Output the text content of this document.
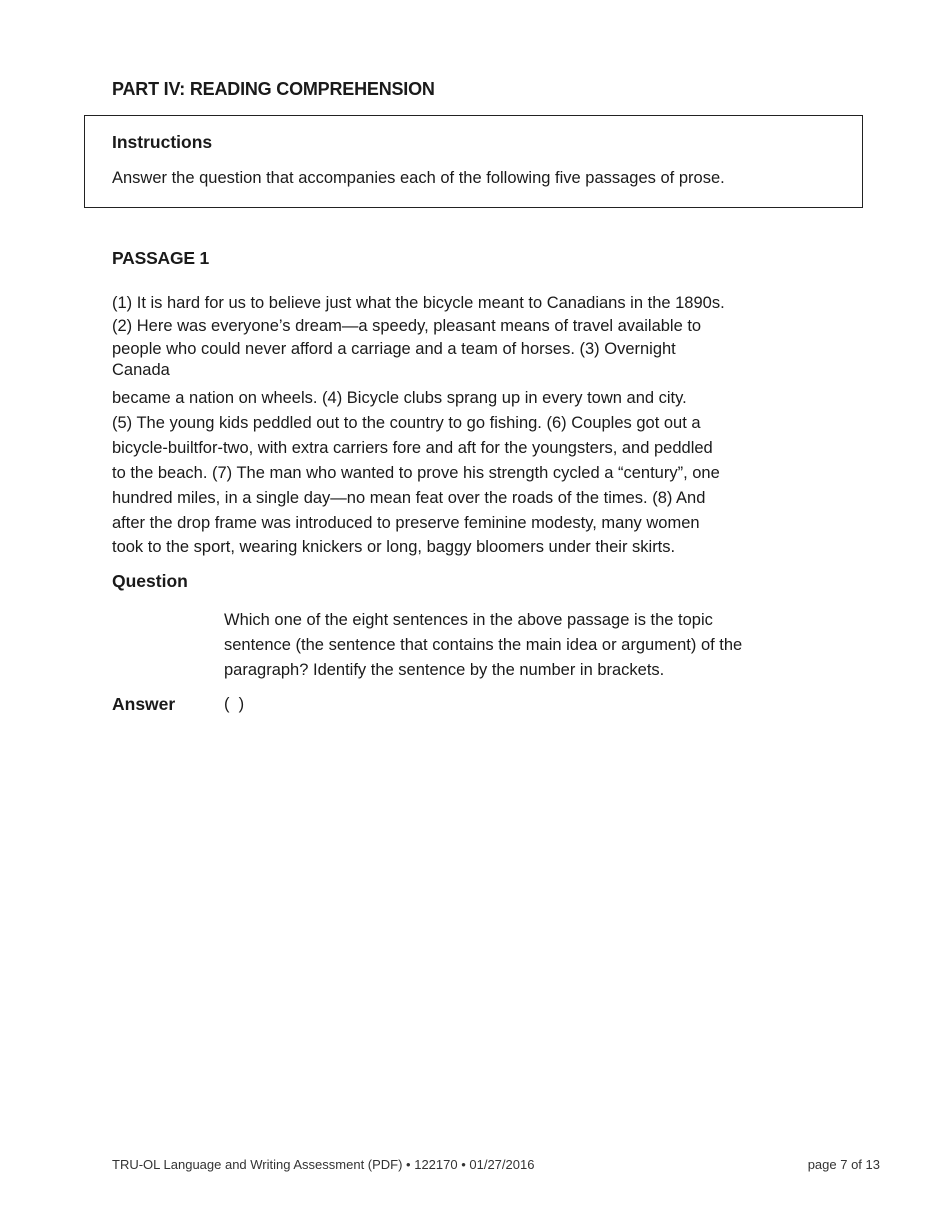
PART IV: READING COMPREHENSION
Instructions

Answer the question that accompanies each of the following five passages of prose.

PASSAGE 1

(1) It is hard for us to believe just what the bicycle meant to Canadians in the 1890s.
(2) Here was everyone’s dream—a speedy, pleasant means of travel available to
people who could never afford a carriage and a team of horses. (3) Overnight
Canada

became a nation on wheels. (4) Bicycle clubs sprang up in every town and city.
(5) The young kids peddled out to the country to go fishing. (6) Couples got out a
bicycle-builtfor-two, with extra carriers fore and aft for the youngsters, and peddled
to the beach. (7) The man who wanted to prove his strength cycled a “century”, one
hundred miles, in a single day—no mean feat over the roads of the times. (8) And
after the drop frame was introduced to preserve feminine modesty, many women
took to the sport, wearing knickers or long, baggy bloomers under their skirts.

Question

Which one of the eight sentences in the above passage is the topic
sentence (the sentence that contains the main idea or argument) of the
paragraph? Identify the sentence by the number in brackets.

Answer	(  )

TRU-OL Language and Writing Assessment (PDF) • 122170 • 01/27/2016	page 7 of 13
